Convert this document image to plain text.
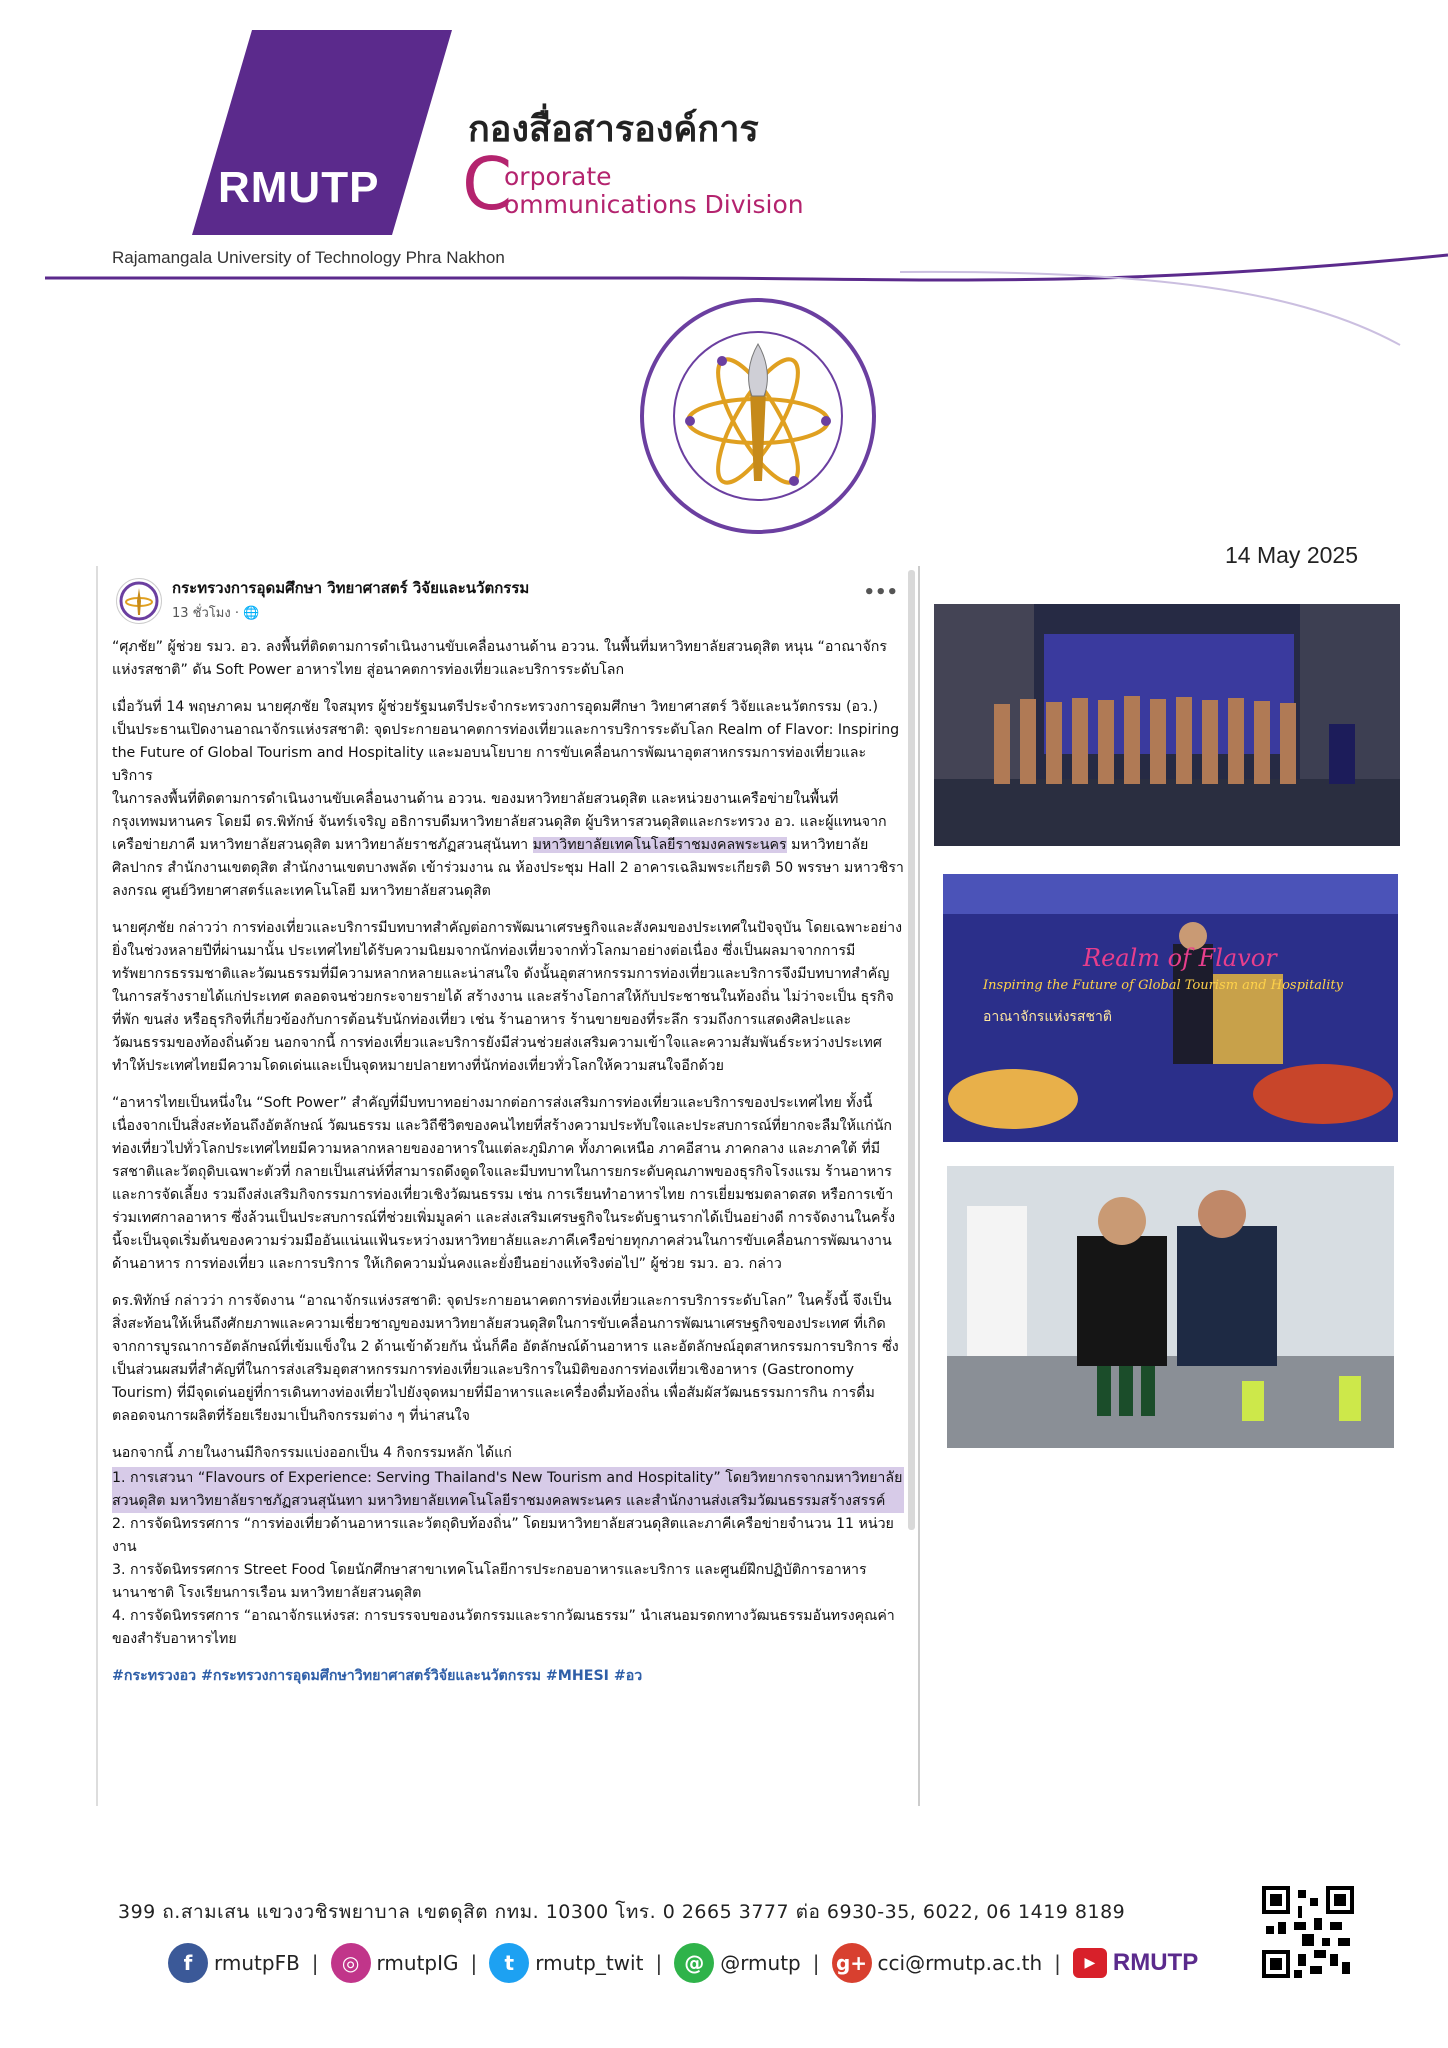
RMUTP
กองสื่อสารองค์การ
C
orporate
ommunications Division
Rajamangala University of Technology Phra Nakhon
14 May 2025
กระทรวงการอุดมศึกษา วิทยาศาสตร์ วิจัยและนวัตกรรม
13 ชั่วโมง · 🌐
•••

“ศุภชัย” ผู้ช่วย รมว. อว. ลงพื้นที่ติดตามการดำเนินงานขับเคลื่อนงานด้าน อววน. ในพื้นที่มหาวิทยาลัยสวนดุสิต หนุน “อาณาจักรแห่งรสชาติ” ดัน Soft Power อาหารไทย สู่อนาคตการท่องเที่ยวและบริการระดับโลก

เมื่อวันที่ 14 พฤษภาคม นายศุภชัย ใจสมุทร ผู้ช่วยรัฐมนตรีประจำกระทรวงการอุดมศึกษา วิทยาศาสตร์ วิจัยและนวัตกรรม (อว.) เป็นประธานเปิดงานอาณาจักรแห่งรสชาติ: จุดประกายอนาคตการท่องเที่ยวและการบริการระดับโลก Realm of Flavor: Inspiring the Future of Global Tourism and Hospitality และมอบนโยบาย การขับเคลื่อนการพัฒนาอุตสาหกรรมการท่องเที่ยวและบริการ

ในการลงพื้นที่ติดตามการดำเนินงานขับเคลื่อนงานด้าน อววน. ของมหาวิทยาลัยสวนดุสิต และหน่วยงานเครือข่ายในพื้นที่กรุงเทพมหานคร โดยมี ดร.พิทักษ์ จันทร์เจริญ อธิการบดีมหาวิทยาลัยสวนดุสิต ผู้บริหารสวนดุสิตและกระทรวง อว. และผู้แทนจากเครือข่ายภาคี มหาวิทยาลัยสวนดุสิต มหาวิทยาลัยราชภัฏสวนสุนันทา มหาวิทยาลัยเทคโนโลยีราชมงคลพระนคร มหาวิทยาลัยศิลปากร สำนักงานเขตดุสิต สำนักงานเขตบางพลัด เข้าร่วมงาน ณ ห้องประชุม Hall 2 อาคารเฉลิมพระเกียรติ 50 พรรษา มหาวชิราลงกรณ ศูนย์วิทยาศาสตร์และเทคโนโลยี มหาวิทยาลัยสวนดุสิต

นายศุภชัย กล่าวว่า การท่องเที่ยวและบริการมีบทบาทสำคัญต่อการพัฒนาเศรษฐกิจและสังคมของประเทศในปัจจุบัน โดยเฉพาะอย่างยิ่งในช่วงหลายปีที่ผ่านมานั้น ประเทศไทยได้รับความนิยมจากนักท่องเที่ยวจากทั่วโลกมาอย่างต่อเนื่อง ซึ่งเป็นผลมาจากการมีทรัพยากรธรรมชาติและวัฒนธรรมที่มีความหลากหลายและน่าสนใจ ดังนั้นอุตสาหกรรมการท่องเที่ยวและบริการจึงมีบทบาทสำคัญในการสร้างรายได้แก่ประเทศ ตลอดจนช่วยกระจายรายได้ สร้างงาน และสร้างโอกาสให้กับประชาชนในท้องถิ่น ไม่ว่าจะเป็น ธุรกิจที่พัก ขนส่ง หรือธุรกิจที่เกี่ยวข้องกับการต้อนรับนักท่องเที่ยว เช่น ร้านอาหาร ร้านขายของที่ระลึก รวมถึงการแสดงศิลปะและวัฒนธรรมของท้องถิ่นด้วย นอกจากนี้ การท่องเที่ยวและบริการยังมีส่วนช่วยส่งเสริมความเข้าใจและความสัมพันธ์ระหว่างประเทศ ทำให้ประเทศไทยมีความโดดเด่นและเป็นจุดหมายปลายทางที่นักท่องเที่ยวทั่วโลกให้ความสนใจอีกด้วย

“อาหารไทยเป็นหนึ่งใน “Soft Power” สำคัญที่มีบทบาทอย่างมากต่อการส่งเสริมการท่องเที่ยวและบริการของประเทศไทย ทั้งนี้ เนื่องจากเป็นสิ่งสะท้อนถึงอัตลักษณ์ วัฒนธรรม และวิถีชีวิตของคนไทยที่สร้างความประทับใจและประสบการณ์ที่ยากจะลืมให้แก่นักท่องเที่ยวไปทั่วโลกประเทศไทยมีความหลากหลายของอาหารในแต่ละภูมิภาค ทั้งภาคเหนือ ภาคอีสาน ภาคกลาง และภาคใต้ ที่มีรสชาติและวัตถุดิบเฉพาะตัวที่ กลายเป็นเสน่ห์ที่สามารถดึงดูดใจและมีบทบาทในการยกระดับคุณภาพของธุรกิจโรงแรม ร้านอาหาร และการจัดเลี้ยง รวมถึงส่งเสริมกิจกรรมการท่องเที่ยวเชิงวัฒนธรรม เช่น การเรียนทำอาหารไทย การเยี่ยมชมตลาดสด หรือการเข้าร่วมเทศกาลอาหาร ซึ่งล้วนเป็นประสบการณ์ที่ช่วยเพิ่มมูลค่า และส่งเสริมเศรษฐกิจในระดับฐานรากได้เป็นอย่างดี การจัดงานในครั้งนี้จะเป็นจุดเริ่มต้นของความร่วมมืออันแน่นแฟ้นระหว่างมหาวิทยาลัยและภาคีเครือข่ายทุกภาคส่วนในการขับเคลื่อนการพัฒนางานด้านอาหาร การท่องเที่ยว และการบริการ ให้เกิดความมั่นคงและยั่งยืนอย่างแท้จริงต่อไป” ผู้ช่วย รมว. อว. กล่าว

ดร.พิทักษ์ กล่าวว่า การจัดงาน “อาณาจักรแห่งรสชาติ: จุดประกายอนาคตการท่องเที่ยวและการบริการระดับโลก” ในครั้งนี้ จึงเป็นสิ่งสะท้อนให้เห็นถึงศักยภาพและความเชี่ยวชาญของมหาวิทยาลัยสวนดุสิตในการขับเคลื่อนการพัฒนาเศรษฐกิจของประเทศ ที่เกิดจากการบูรณาการอัตลักษณ์ที่เข้มแข็งใน 2 ด้านเข้าด้วยกัน นั่นก็คือ อัตลักษณ์ด้านอาหาร และอัตลักษณ์อุตสาหกรรมการบริการ ซึ่งเป็นส่วนผสมที่สำคัญที่ในการส่งเสริมอุตสาหกรรมการท่องเที่ยวและบริการในมิติของการท่องเที่ยวเชิงอาหาร (Gastronomy Tourism) ที่มีจุดเด่นอยู่ที่การเดินทางท่องเที่ยวไปยังจุดหมายที่มีอาหารและเครื่องดื่มท้องถิ่น เพื่อสัมผัสวัฒนธรรมการกิน การดื่ม ตลอดจนการผลิตที่ร้อยเรียงมาเป็นกิจกรรมต่าง ๆ ที่น่าสนใจ

นอกจากนี้ ภายในงานมีกิจกรรมแบ่งออกเป็น 4 กิจกรรมหลัก ได้แก่

1. การเสวนา “Flavours of Experience: Serving Thailand's New Tourism and Hospitality” โดยวิทยากรจากมหาวิทยาลัยสวนดุสิต มหาวิทยาลัยราชภัฏสวนสุนันทา มหาวิทยาลัยเทคโนโลยีราชมงคลพระนคร และสำนักงานส่งเสริมวัฒนธรรมสร้างสรรค์
2. การจัดนิทรรศการ “การท่องเที่ยวด้านอาหารและวัตถุดิบท้องถิ่น” โดยมหาวิทยาลัยสวนดุสิตและภาคีเครือข่ายจำนวน 11 หน่วยงาน
3. การจัดนิทรรศการ Street Food โดยนักศึกษาสาขาเทคโนโลยีการประกอบอาหารและบริการ และศูนย์ฝึกปฏิบัติการอาหารนานาชาติ โรงเรียนการเรือน มหาวิทยาลัยสวนดุสิต
4. การจัดนิทรรศการ “อาณาจักรแห่งรส: การบรรจบของนวัตกรรมและรากวัฒนธรรม” นำเสนอมรดกทางวัฒนธรรมอันทรงคุณค่าของสำรับอาหารไทย
#กระทรวงอว #กระทรวงการอุดมศึกษาวิทยาศาสตร์วิจัยและนวัตกรรม #MHESI #อว
Realm of Flavor
Inspiring the Future of Global Tourism and Hospitality
อาณาจักรแห่งรสชาติ
399 ถ.สามเสน แขวงวชิรพยาบาล เขตดุสิต กทม. 10300 โทร. 0 2665 3777 ต่อ 6930-35, 6022, 06 1419 8189
f	rmutpFB |	◎ rmutpIG |	t	rmutp_twit |	@ @rmutp | g+ cci@rmutp.ac.th |	▶ RMUTP
